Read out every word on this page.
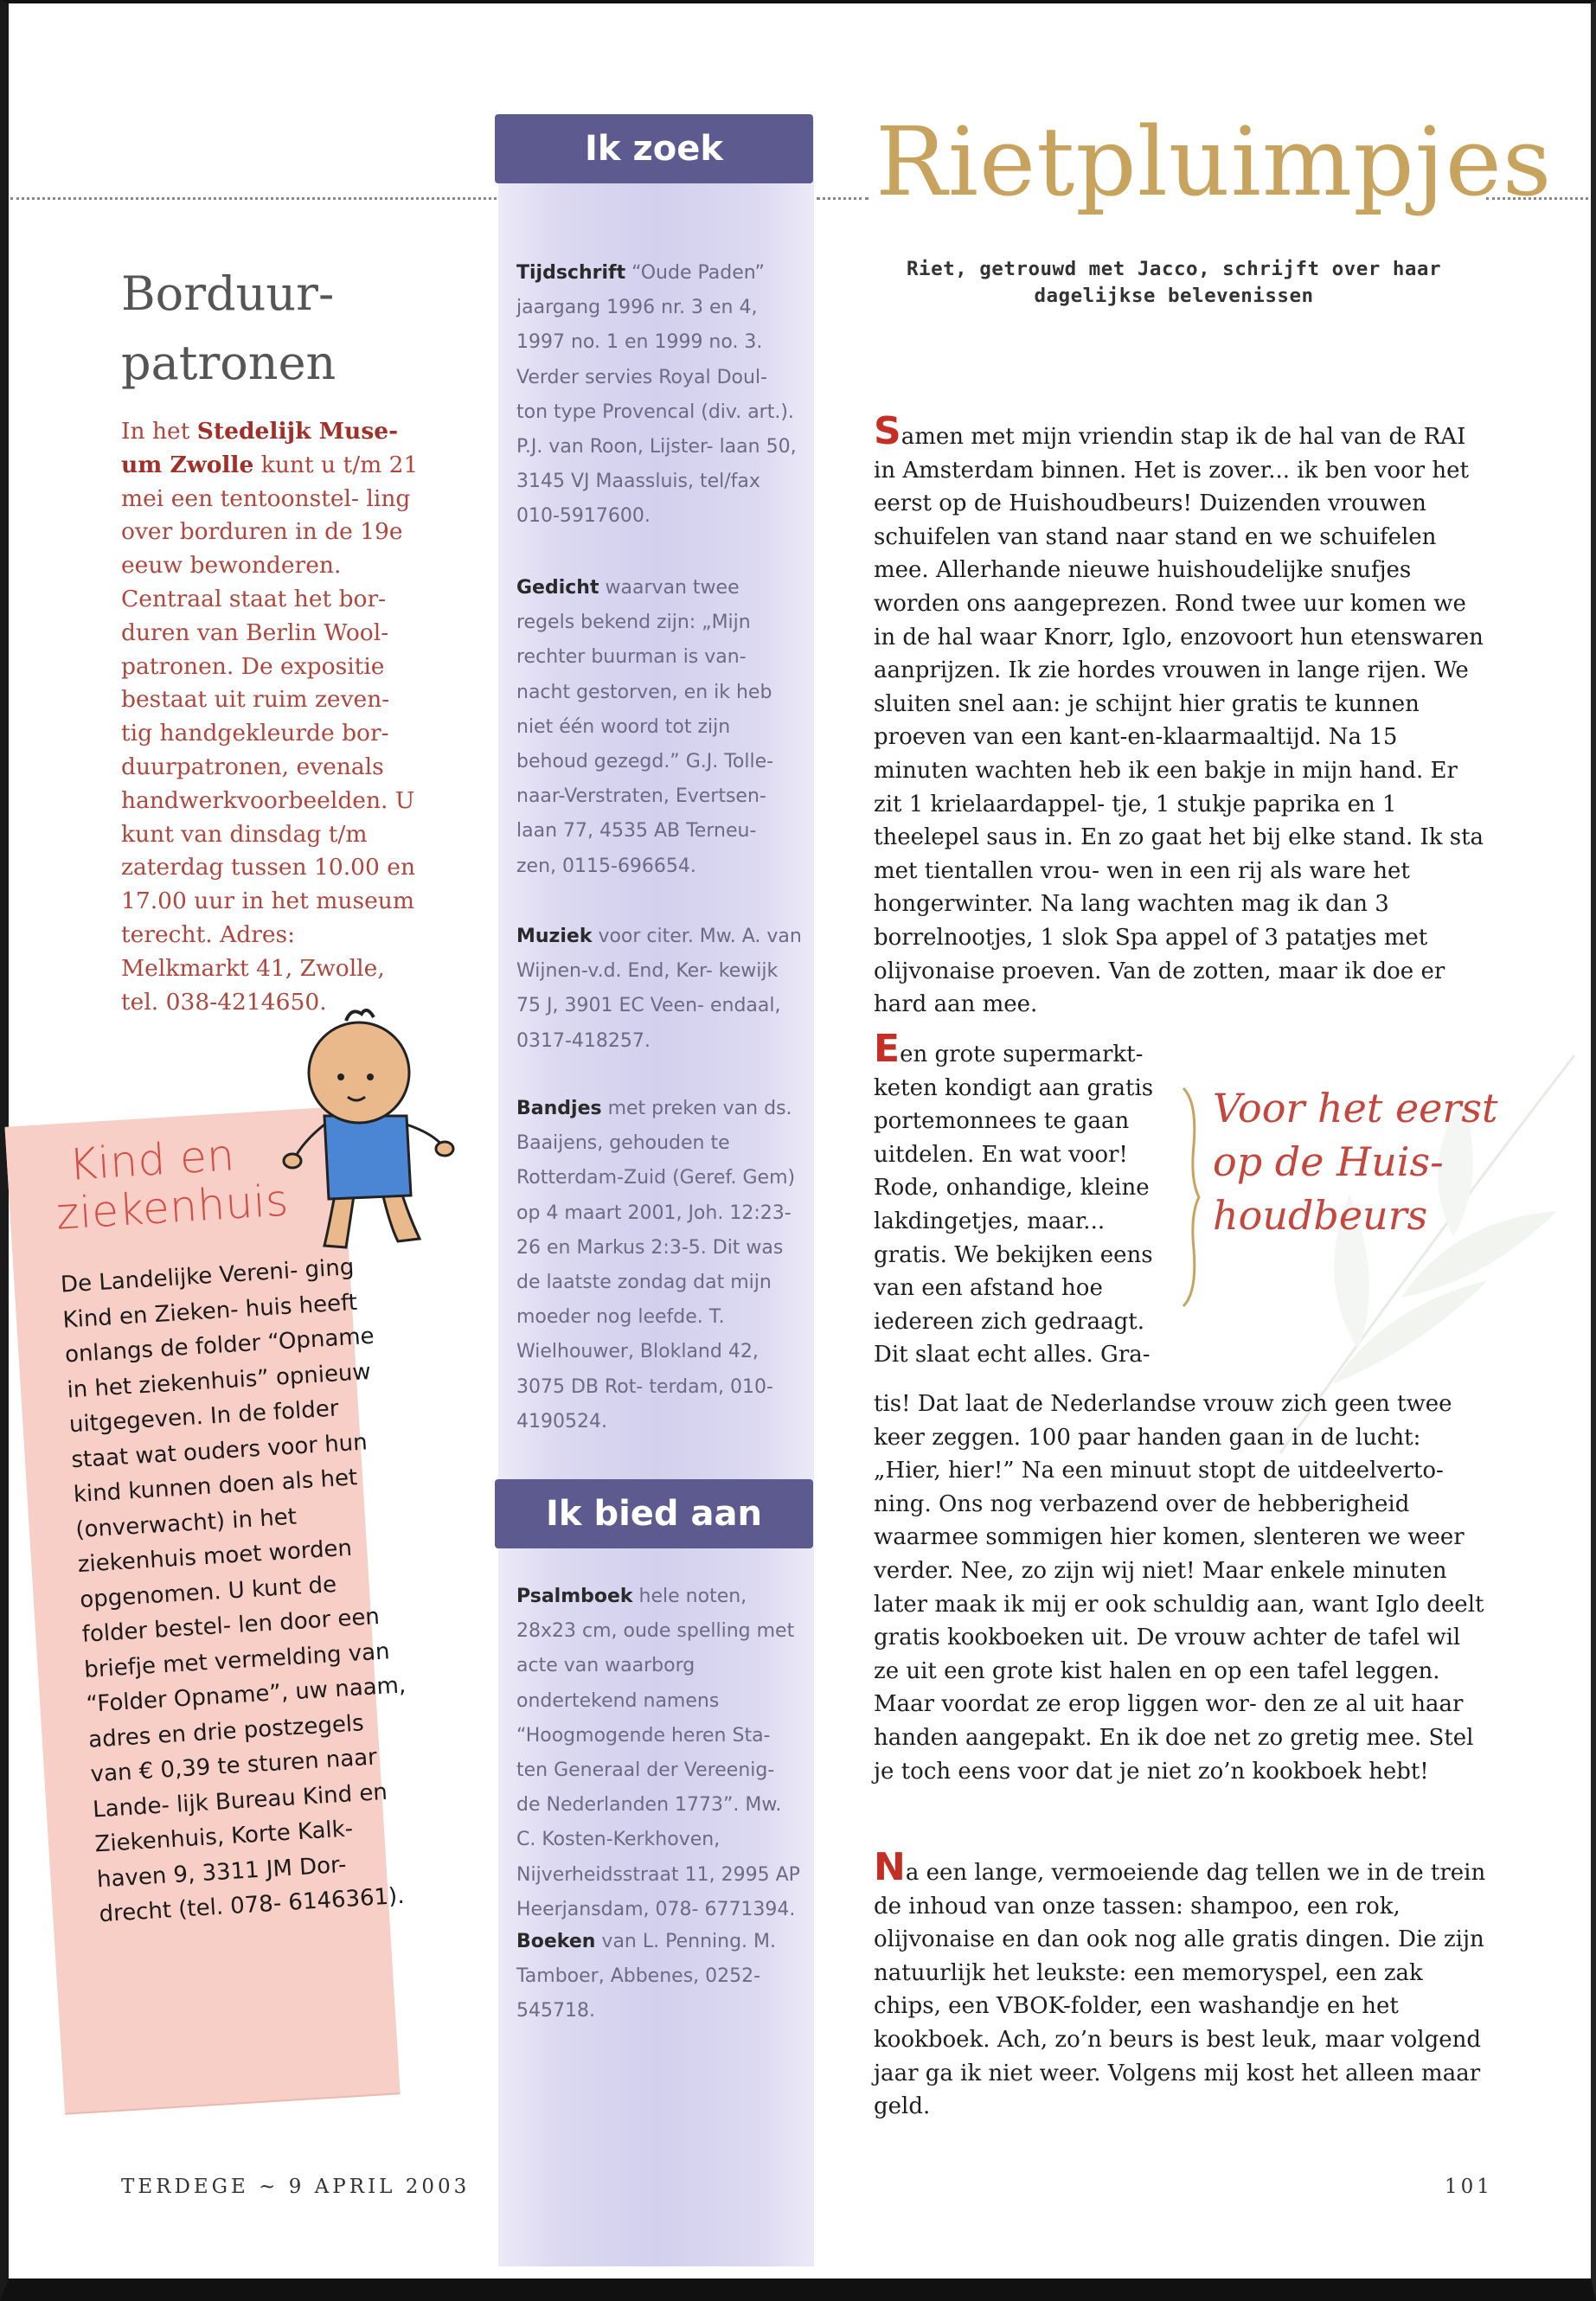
Borduur-
patronen
In het Stedelijk Muse- um Zwolle kunt u t/m 21 mei een tentoonstel- ling over borduren in de 19e eeuw bewonderen. Centraal staat het bor- duren van Berlin Wool- patronen. De expositie bestaat uit ruim zeven- tig handgekleurde bor- duurpatronen, evenals handwerkvoorbeelden. U kunt van dinsdag t/m zaterdag tussen 10.00 en 17.00 uur in het museum terecht. Adres: Melkmarkt 41, Zwolle, tel. 038-4214650.
Kind en
ziekenhuis
De Landelijke Vereni- ging Kind en Zieken- huis heeft onlangs de folder “Opname in het ziekenhuis” opnieuw uitgegeven. In de folder staat wat ouders voor hun kind kunnen doen als het (onverwacht) in het ziekenhuis moet worden opgenomen. U kunt de folder bestel- len door een briefje met vermelding van “Folder Opname”, uw naam, adres en drie postzegels van € 0,39 te sturen naar Lande- lijk Bureau Kind en Ziekenhuis, Korte Kalk- haven 9, 3311 JM Dor- drecht (tel. 078- 6146361).
Ik zoek
Tijdschrift “Oude Paden” jaargang 1996 nr. 3 en 4, 1997 no. 1 en 1999 no. 3. Verder servies Royal Doul- ton type Provencal (div. art.). P.J. van Roon, Lijster- laan 50, 3145 VJ Maassluis, tel/fax 010-5917600.
Gedicht waarvan twee regels bekend zijn: „Mijn rechter buurman is van- nacht gestorven, en ik heb niet één woord tot zijn behoud gezegd.” G.J. Tolle- naar-Verstraten, Evertsen- laan 77, 4535 AB Terneu- zen, 0115-696654.
Muziek voor citer. Mw. A. van Wijnen-v.d. End, Ker- kewijk 75 J, 3901 EC Veen- endaal, 0317-418257.
Bandjes met preken van ds. Baaijens, gehouden te Rotterdam-Zuid (Geref. Gem) op 4 maart 2001, Joh. 12:23-26 en Markus 2:3-5. Dit was de laatste zondag dat mijn moeder nog leefde. T. Wielhouwer, Blokland 42, 3075 DB Rot- terdam, 010-4190524.
Ik bied aan
Psalmboek hele noten, 28x23 cm, oude spelling met acte van waarborg ondertekend namens “Hoogmogende heren Sta- ten Generaal der Vereenig- de Nederlanden 1773”. Mw. C. Kosten-Kerkhoven, Nijverheidsstraat 11, 2995 AP Heerjansdam, 078- 6771394.
Boeken van L. Penning. M. Tamboer, Abbenes, 0252- 545718.
Rietpluimpjes
Riet, getrouwd met Jacco, schrijft over haar dagelijkse belevenissen
Samen met mijn vriendin stap ik de hal van de RAI in Amsterdam binnen. Het is zover... ik ben voor het eerst op de Huishoudbeurs! Duizenden vrouwen schuifelen van stand naar stand en we schuifelen mee. Allerhande nieuwe huishoudelijke snufjes worden ons aangeprezen. Rond twee uur komen we in de hal waar Knorr, Iglo, enzovoort hun etenswaren aanprijzen. Ik zie hordes vrouwen in lange rijen. We sluiten snel aan: je schijnt hier gratis te kunnen proeven van een kant-en-klaarmaaltijd. Na 15 minuten wachten heb ik een bakje in mijn hand. Er zit 1 krielaardappel- tje, 1 stukje paprika en 1 theelepel saus in. En zo gaat het bij elke stand. Ik sta met tientallen vrou- wen in een rij als ware het hongerwinter. Na lang wachten mag ik dan 3 borrelnootjes, 1 slok Spa appel of 3 patatjes met olijvonaise proeven. Van de zotten, maar ik doe er hard aan mee.
Een grote supermarkt- keten kondigt aan gratis portemonnees te gaan uitdelen. En wat voor! Rode, onhandige, kleine lakdingetjes, maar... gratis. We bekijken eens van een afstand hoe iedereen zich gedraagt. Dit slaat echt alles. Gra-
Voor het eerst op de Huis- houdbeurs
tis! Dat laat de Nederlandse vrouw zich geen twee keer zeggen. 100 paar handen gaan in de lucht: „Hier, hier!” Na een minuut stopt de uitdeelverto- ning. Ons nog verbazend over de hebberigheid waarmee sommigen hier komen, slenteren we weer verder. Nee, zo zijn wij niet! Maar enkele minuten later maak ik mij er ook schuldig aan, want Iglo deelt gratis kookboeken uit. De vrouw achter de tafel wil ze uit een grote kist halen en op een tafel leggen. Maar voordat ze erop liggen wor- den ze al uit haar handen aangepakt. En ik doe net zo gretig mee. Stel je toch eens voor dat je niet zo’n kookboek hebt!
Na een lange, vermoeiende dag tellen we in de trein de inhoud van onze tassen: shampoo, een rok, olijvonaise en dan ook nog alle gratis dingen. Die zijn natuurlijk het leukste: een memoryspel, een zak chips, een VBOK-folder, een washandje en het kookboek. Ach, zo’n beurs is best leuk, maar volgend jaar ga ik niet weer. Volgens mij kost het alleen maar geld.
TERDEGE ~ 9 APRIL 2003	101
